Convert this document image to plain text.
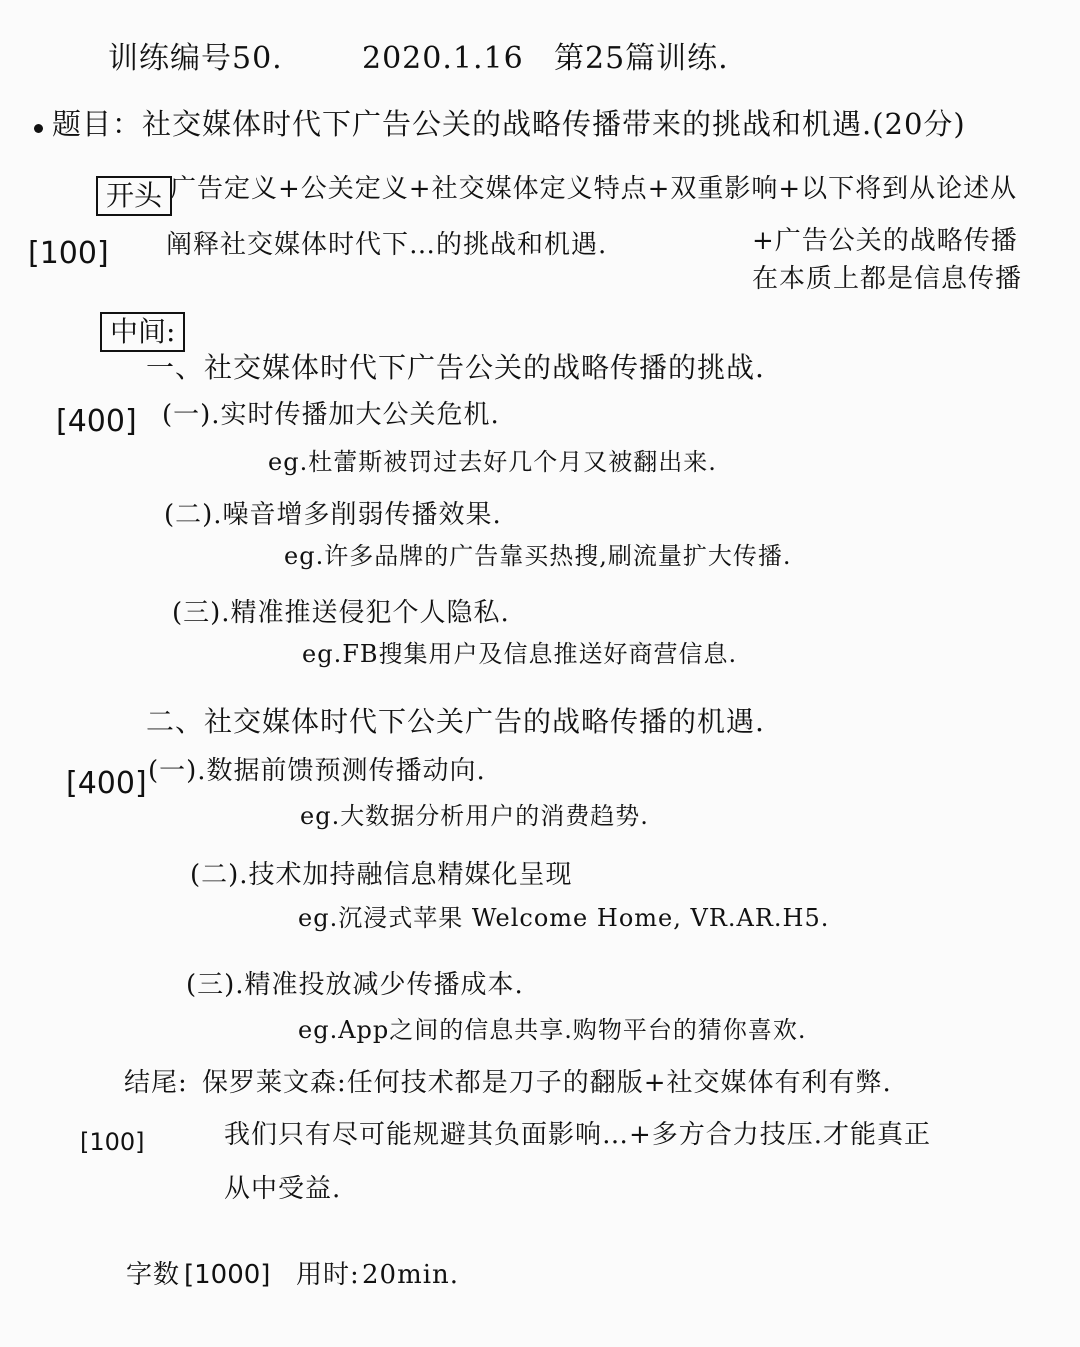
训练编号50.	2020.1.16 第25篇训练.
题目：社交媒体时代下广告公关的战略传播带来的挑战和机遇.(20分)
开头 广告定义+公关定义+社交媒体定义特点+双重影响+以下将到从论述从
[100] 阐释社交媒体时代下…的挑战和机遇.	+广告公关的战略传播
在本质上都是信息传播
中间:
一、社交媒体时代下广告公关的战略传播的挑战.
[400] (一).实时传播加大公关危机.
eg.杜蕾斯被罚过去好几个月又被翻出来.
(二).噪音增多削弱传播效果.
eg.许多品牌的广告靠买热搜,刷流量扩大传播.
(三).精准推送侵犯个人隐私.
eg.FB搜集用户及信息推送好商营信息.
二、社交媒体时代下公关广告的战略传播的机遇.
[400] (一).数据前馈预测传播动向.
eg.大数据分析用户的消费趋势.
(二).技术加持融信息精媒化呈现
eg.沉浸式苹果 Welcome Home, VR.AR.H5.
(三).精准投放减少传播成本.
eg.App之间的信息共享.购物平台的猜你喜欢.
结尾: 保罗莱文森:任何技术都是刀子的翻版+社交媒体有利有弊.
[100]	我们只有尽可能规避其负面影响…+多方合力技压.才能真正
从中受益.
字数 [1000] 用时: 20min.
